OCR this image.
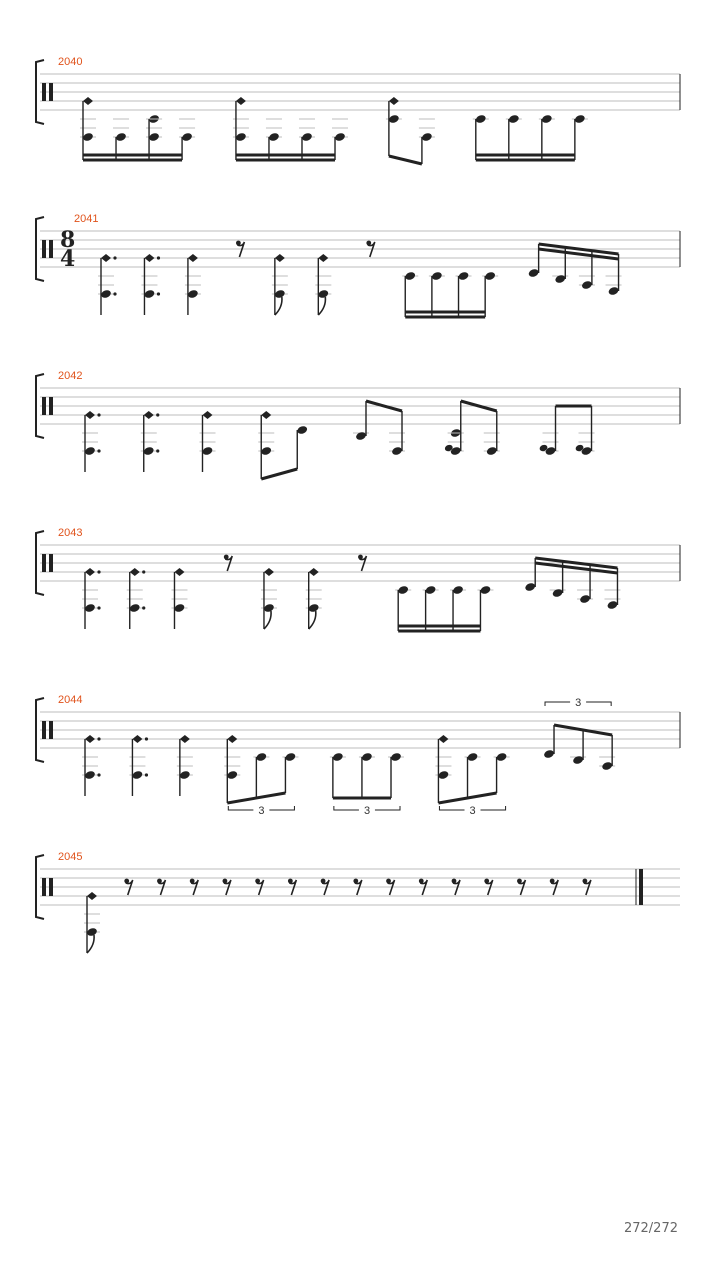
2040
2041
8
4
2042
2043
2044
3	3	3
3
2045
272/272
